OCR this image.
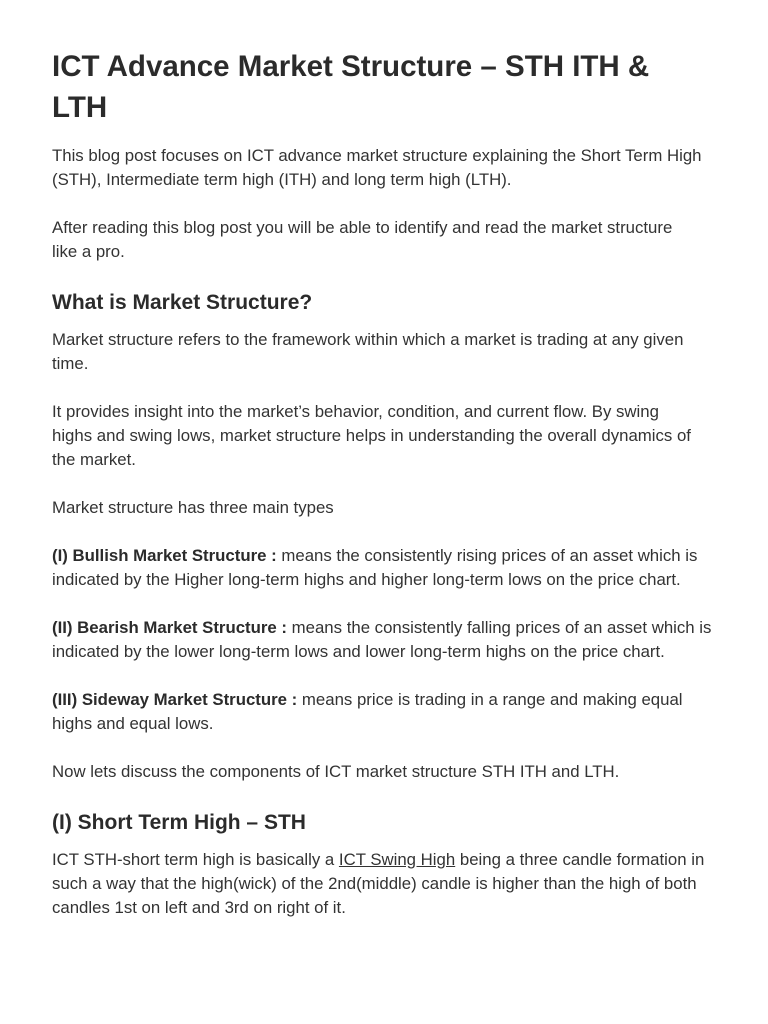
ICT Advance Market Structure – STH ITH &
LTH
This blog post focuses on ICT advance market structure explaining the Short Term High
(STH), Intermediate term high (ITH) and long term high (LTH).
After reading this blog post you will be able to identify and read the market structure
like a pro.
What is Market Structure?
Market structure refers to the framework within which a market is trading at any given
time.
It provides insight into the market’s behavior, condition, and current flow. By swing
highs and swing lows, market structure helps in understanding the overall dynamics of
the market.
Market structure has three main types
(I) Bullish Market Structure : means the consistently rising prices of an asset which is
indicated by the Higher long-term highs and higher long-term lows on the price chart.
(II) Bearish Market Structure : means the consistently falling prices of an asset which is
indicated by the lower long-term lows and lower long-term highs on the price chart.
(III) Sideway Market Structure : means price is trading in a range and making equal
highs and equal lows.
Now lets discuss the components of ICT market structure STH ITH and LTH.
(I) Short Term High – STH
ICT STH-short term high is basically a ICT Swing High being a three candle formation in
such a way that the high(wick) of the 2nd(middle) candle is higher than the high of both
candles 1st on left and 3rd on right of it.
